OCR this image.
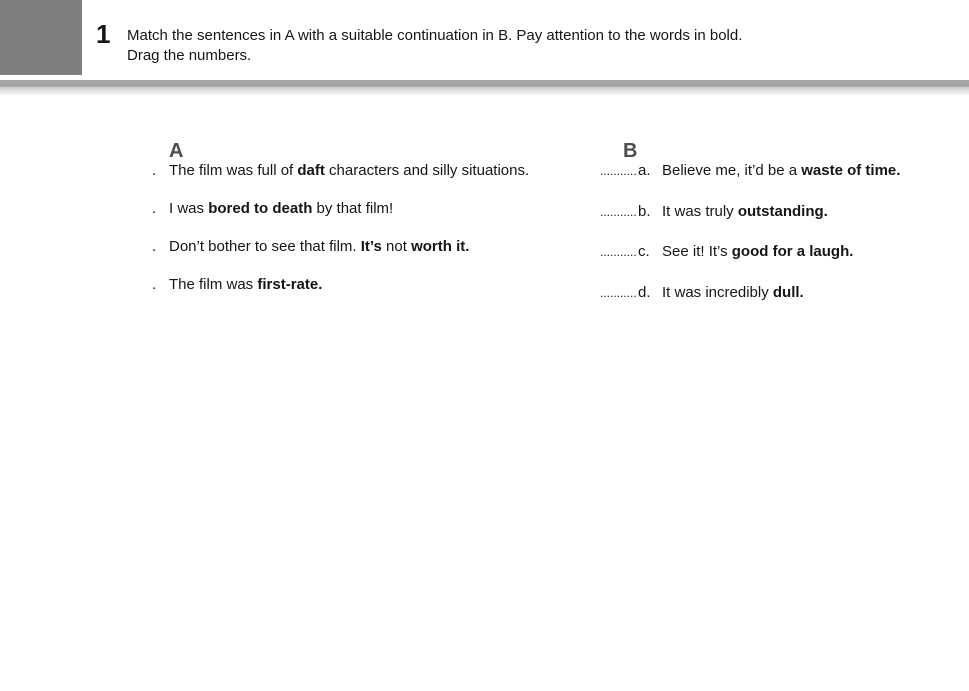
1 Match the sentences in A with a suitable continuation in B. Pay attention to the words in bold.
Drag the numbers.
A
. The film was full of daft characters and silly situations.
. I was bored to death by that film!
. Don’t bother to see that film. It’s not worth it.
. The film was first-rate.
B
........... a. Believe me, it’d be a waste of time.
........... b. It was truly outstanding.
........... c. See it! It’s good for a laugh.
........... d. It was incredibly dull.
